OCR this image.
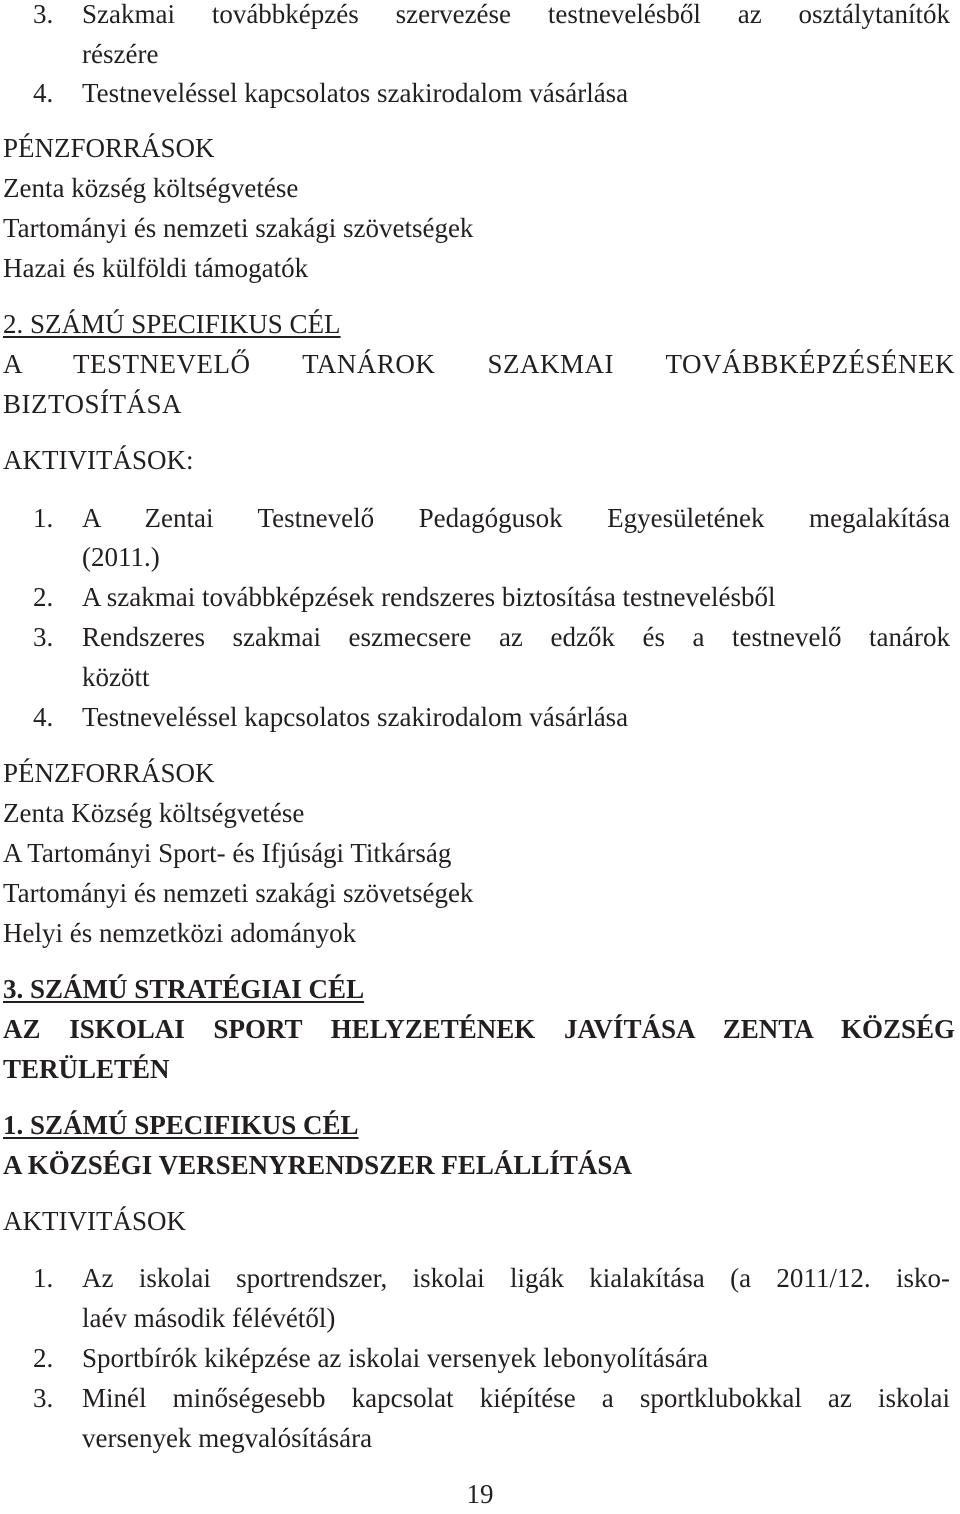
3. Szakmai továbbképzés szervezése testnevelésből az osztálytanítók
részére
4. Testneveléssel kapcsolatos szakirodalom vásárlása
PÉNZFORRÁSOK
Zenta község költségvetése
Tartományi és nemzeti szakági szövetségek
Hazai és külföldi támogatók
2. SZÁMÚ SPECIFIKUS CÉL
A TESTNEVELŐ TANÁROK SZAKMAI TOVÁBBKÉPZÉSÉNEK
BIZTOSÍTÁSA
AKTIVITÁSOK:
1. A Zentai Testnevelő Pedagógusok Egyesületének megalakítása
(2011.)
2. A szakmai továbbképzések rendszeres biztosítása testnevelésből
3. Rendszeres szakmai eszmecsere az edzők és a testnevelő tanárok
között
4. Testneveléssel kapcsolatos szakirodalom vásárlása
PÉNZFORRÁSOK
Zenta Község költségvetése
A Tartományi Sport- és Ifjúsági Titkárság
Tartományi és nemzeti szakági szövetségek
Helyi és nemzetközi adományok
3. SZÁMÚ STRATÉGIAI CÉL
AZ ISKOLAI SPORT HELYZETÉNEK JAVÍTÁSA ZENTA KÖZSÉG
TERÜLETÉN
1. SZÁMÚ SPECIFIKUS CÉL
A KÖZSÉGI VERSENYRENDSZER FELÁLLÍTÁSA
AKTIVITÁSOK
1. Az iskolai sportrendszer, iskolai ligák kialakítása (a 2011/12. isko-
laév második félévétől)
2. Sportbírók kiképzése az iskolai versenyek lebonyolítására
3. Minél minőségesebb kapcsolat kiépítése a sportklubokkal az iskolai
versenyek megvalósítására
19
